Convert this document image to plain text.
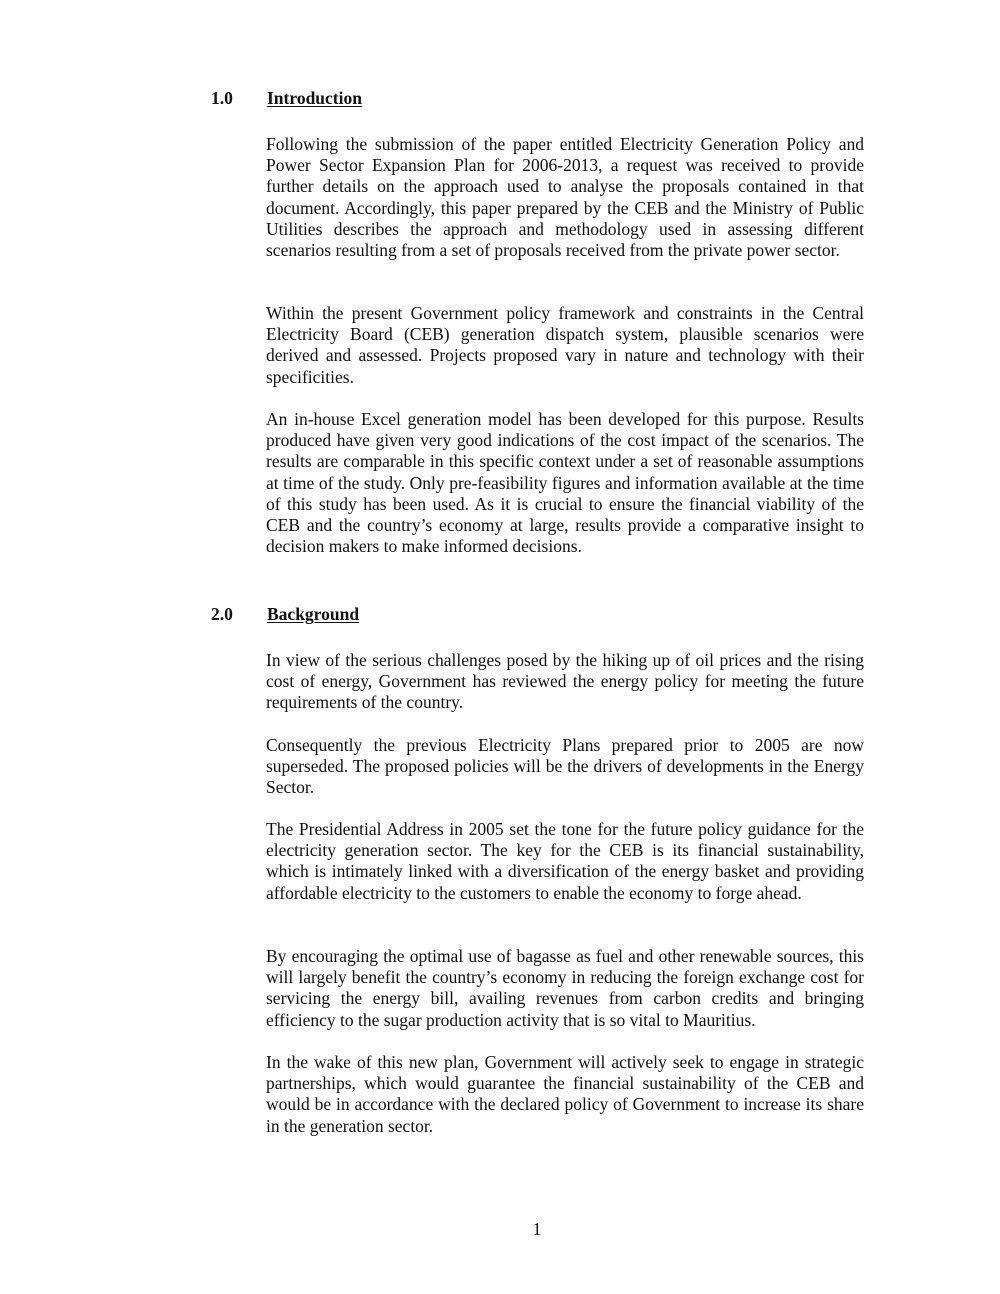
1.0 Introduction

Following the submission of the paper entitled Electricity Generation Policy and Power Sector Expansion Plan for 2006-2013, a request was received to provide further details on the approach used to analyse the proposals contained in that document. Accordingly, this paper prepared by the CEB and the Ministry of Public Utilities describes the approach and methodology used in assessing different scenarios resulting from a set of proposals received from the private power sector.

Within the present Government policy framework and constraints in the Central Electricity Board (CEB) generation dispatch system, plausible scenarios were derived and assessed. Projects proposed vary in nature and technology with their specificities.

An in-house Excel generation model has been developed for this purpose. Results produced have given very good indications of the cost impact of the scenarios. The results are comparable in this specific context under a set of reasonable assumptions at time of the study. Only pre-feasibility figures and information available at the time of this study has been used. As it is crucial to ensure the financial viability of the CEB and the country’s economy at large, results provide a comparative insight to decision makers to make informed decisions.

2.0 Background

In view of the serious challenges posed by the hiking up of oil prices and the rising cost of energy, Government has reviewed the energy policy for meeting the future requirements of the country.

Consequently the previous Electricity Plans prepared prior to 2005 are now superseded. The proposed policies will be the drivers of developments in the Energy Sector.

The Presidential Address in 2005 set the tone for the future policy guidance for the electricity generation sector. The key for the CEB is its financial sustainability, which is intimately linked with a diversification of the energy basket and providing affordable electricity to the customers to enable the economy to forge ahead.

By encouraging the optimal use of bagasse as fuel and other renewable sources, this will largely benefit the country’s economy in reducing the foreign exchange cost for servicing the energy bill, availing revenues from carbon credits and bringing efficiency to the sugar production activity that is so vital to Mauritius.

In the wake of this new plan, Government will actively seek to engage in strategic partnerships, which would guarantee the financial sustainability of the CEB and would be in accordance with the declared policy of Government to increase its share in the generation sector.

1
